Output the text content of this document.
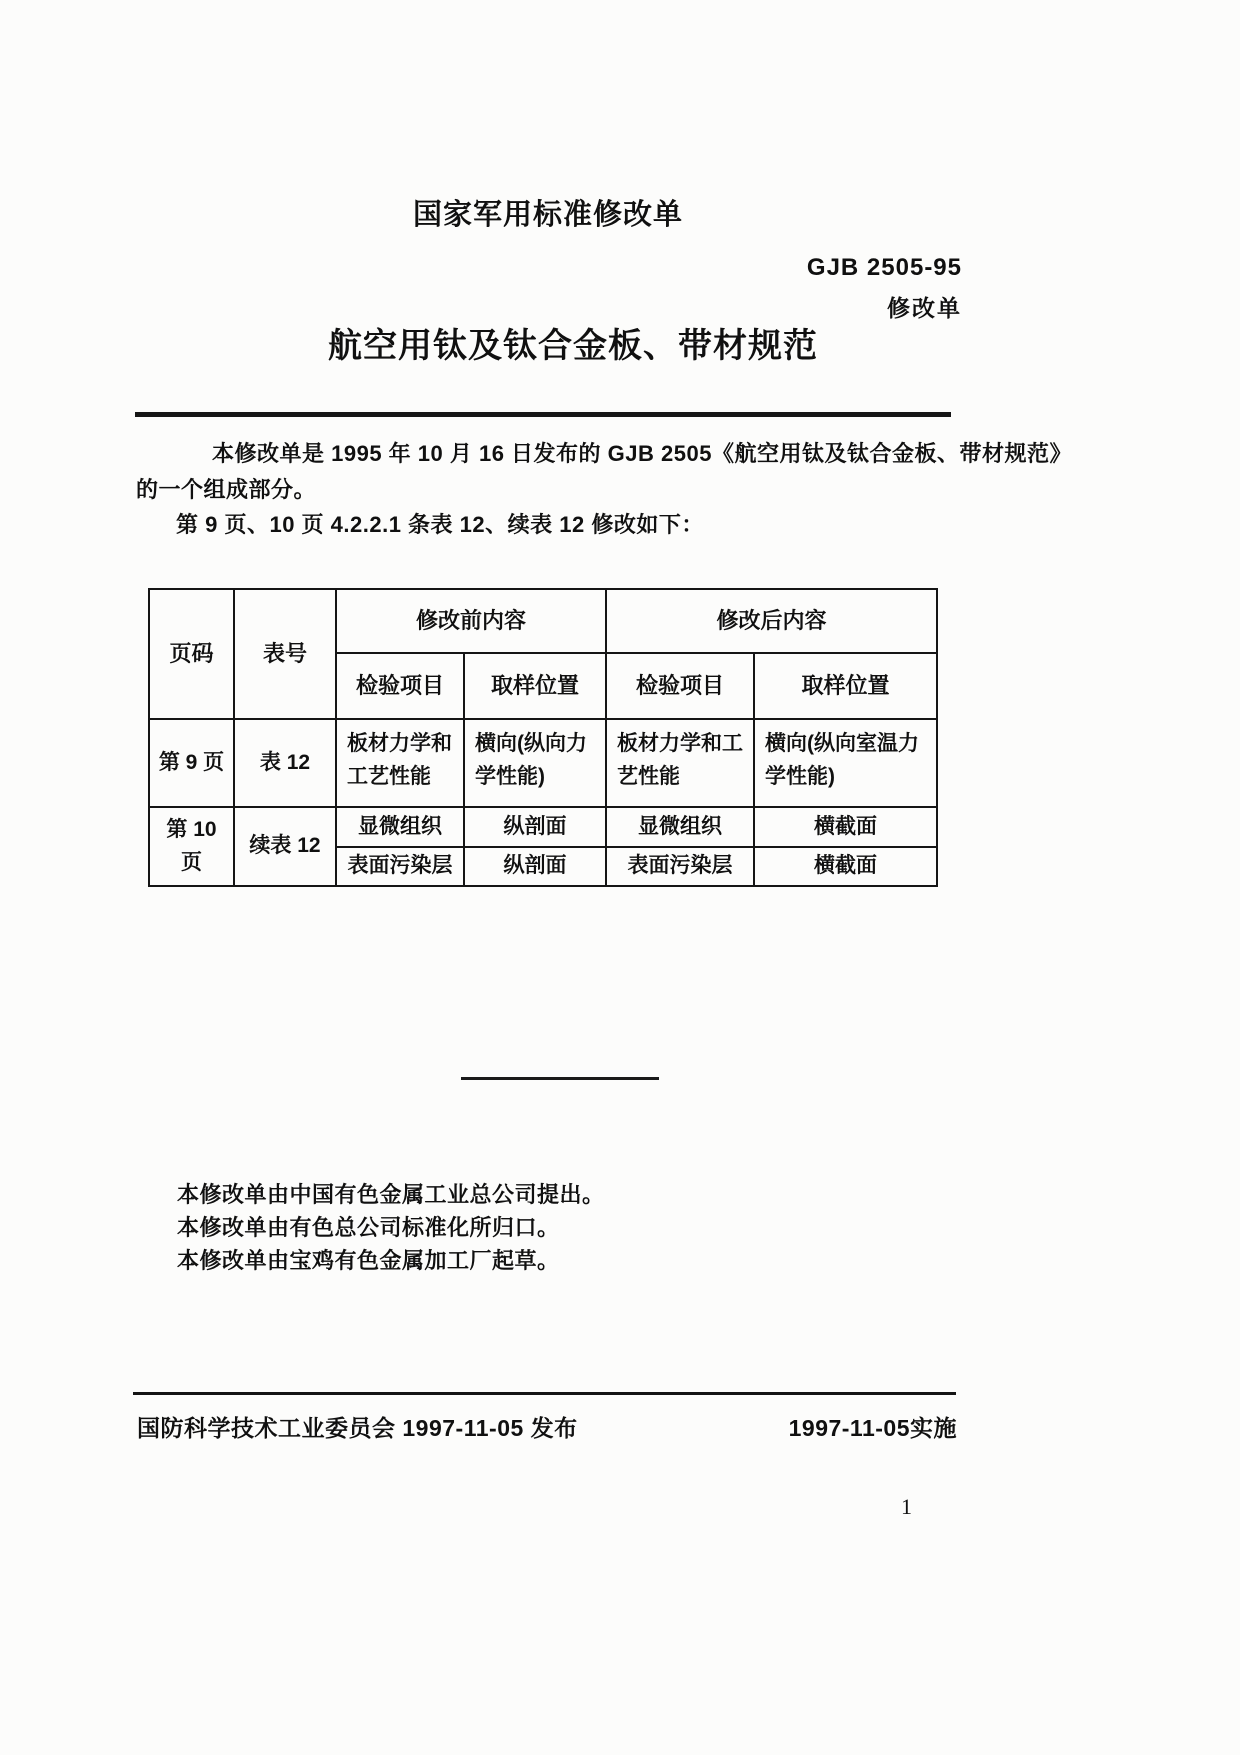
国家军用标准修改单
GJB 2505-95
修改单
航空用钛及钛合金板、带材规范

本修改单是 1995 年 10 月 16 日发布的 GJB 2505《航空用钛及钛合金板、带材规范》

的一个组成部分。

第 9 页、10 页 4.2.2.1 条表 12、续表 12 修改如下：

页码	表号	修改前内容		修改后内容	
		检验项目	取样位置	检验项目	取样位置
第 9 页	表 12	板材力学和工艺性能	横向(纵向力学性能)	板材力学和工艺性能	横向(纵向室温力学性能)
第 10 页	续表 12	显微组织	纵剖面	显微组织	横截面
		表面污染层	纵剖面	表面污染层	横截面
本修改单由中国有色金属工业总公司提出。
本修改单由有色总公司标准化所归口。
本修改单由宝鸡有色金属加工厂起草。
国防科学技术工业委员会 1997-11-05 发布	1997-11-05实施
1
